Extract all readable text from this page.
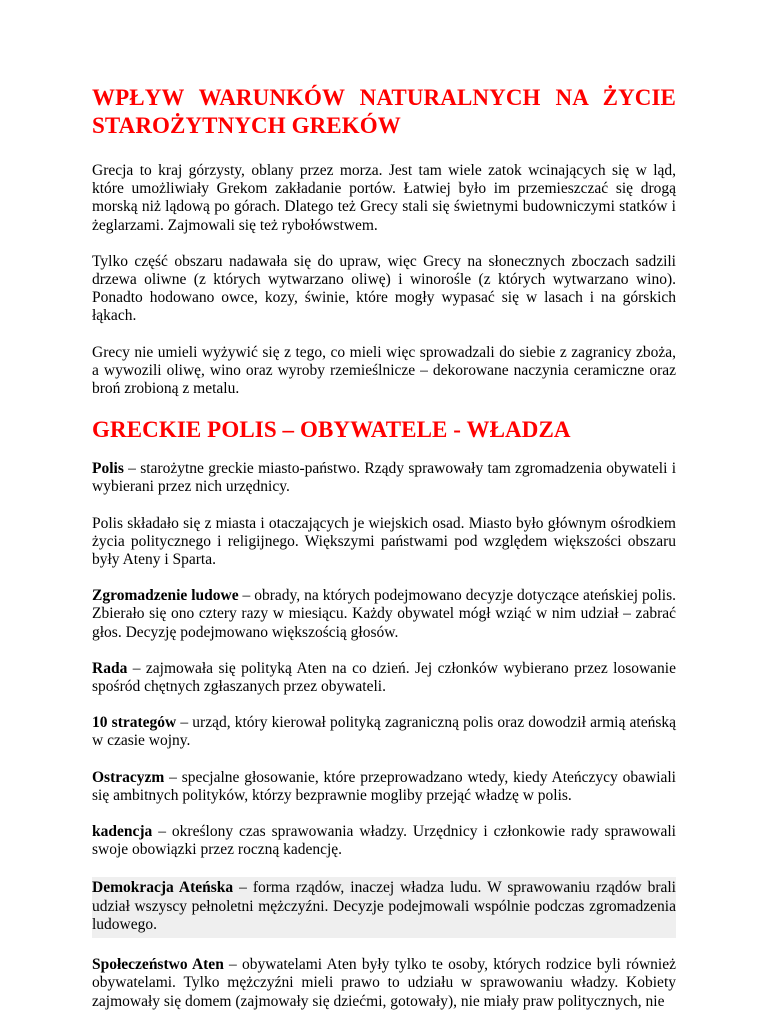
WPŁYW WARUNKÓW NATURALNYCH NA ŻYCIE
STAROŻYTNYCH GREKÓW

Grecja to kraj górzysty, oblany przez morza. Jest tam wiele zatok wcinających się w ląd, które umożliwiały Grekom zakładanie portów. Łatwiej było im przemieszczać się drogą morską niż lądową po górach. Dlatego też Grecy stali się świetnymi budowniczymi statków i żeglarzami. Zajmowali się też rybołówstwem.

Tylko część obszaru nadawała się do upraw, więc Grecy na słonecznych zboczach sadzili drzewa oliwne (z których wytwarzano oliwę) i winorośle (z których wytwarzano wino). Ponadto hodowano owce, kozy, świnie, które mogły wypasać się w lasach i na górskich łąkach.

Grecy nie umieli wyżywić się z tego, co mieli więc sprowadzali do siebie z zagranicy zboża, a wywozili oliwę, wino oraz wyroby rzemieślnicze – dekorowane naczynia ceramiczne oraz broń zrobioną z metalu.

GRECKIE POLIS – OBYWATELE - WŁADZA

Polis – starożytne greckie miasto-państwo. Rządy sprawowały tam zgromadzenia obywateli i wybierani przez nich urzędnicy.

Polis składało się z miasta i otaczających je wiejskich osad. Miasto było głównym ośrodkiem życia politycznego i religijnego. Większymi państwami pod względem większości obszaru były Ateny i Sparta.

Zgromadzenie ludowe – obrady, na których podejmowano decyzje dotyczące ateńskiej polis. Zbierało się ono cztery razy w miesiącu. Każdy obywatel mógł wziąć w nim udział – zabrać głos. Decyzję podejmowano większością głosów.

Rada – zajmowała się polityką Aten na co dzień. Jej członków wybierano przez losowanie spośród chętnych zgłaszanych przez obywateli.

10 strategów – urząd, który kierował polityką zagraniczną polis oraz dowodził armią ateńską w czasie wojny.

Ostracyzm – specjalne głosowanie, które przeprowadzano wtedy, kiedy Ateńczycy obawiali się ambitnych polityków, którzy bezprawnie mogliby przejąć władzę w polis.

kadencja – określony czas sprawowania władzy. Urzędnicy i członkowie rady sprawowali swoje obowiązki przez roczną kadencję.

Demokracja Ateńska – forma rządów, inaczej władza ludu. W sprawowaniu rządów brali udział wszyscy pełnoletni mężczyźni. Decyzje podejmowali wspólnie podczas zgromadzenia ludowego.

Społeczeństwo Aten – obywatelami Aten były tylko te osoby, których rodzice byli również obywatelami. Tylko mężczyźni mieli prawo to udziału w sprawowaniu władzy. Kobiety zajmowały się domem (zajmowały się dziećmi, gotowały), nie miały praw politycznych, nie
